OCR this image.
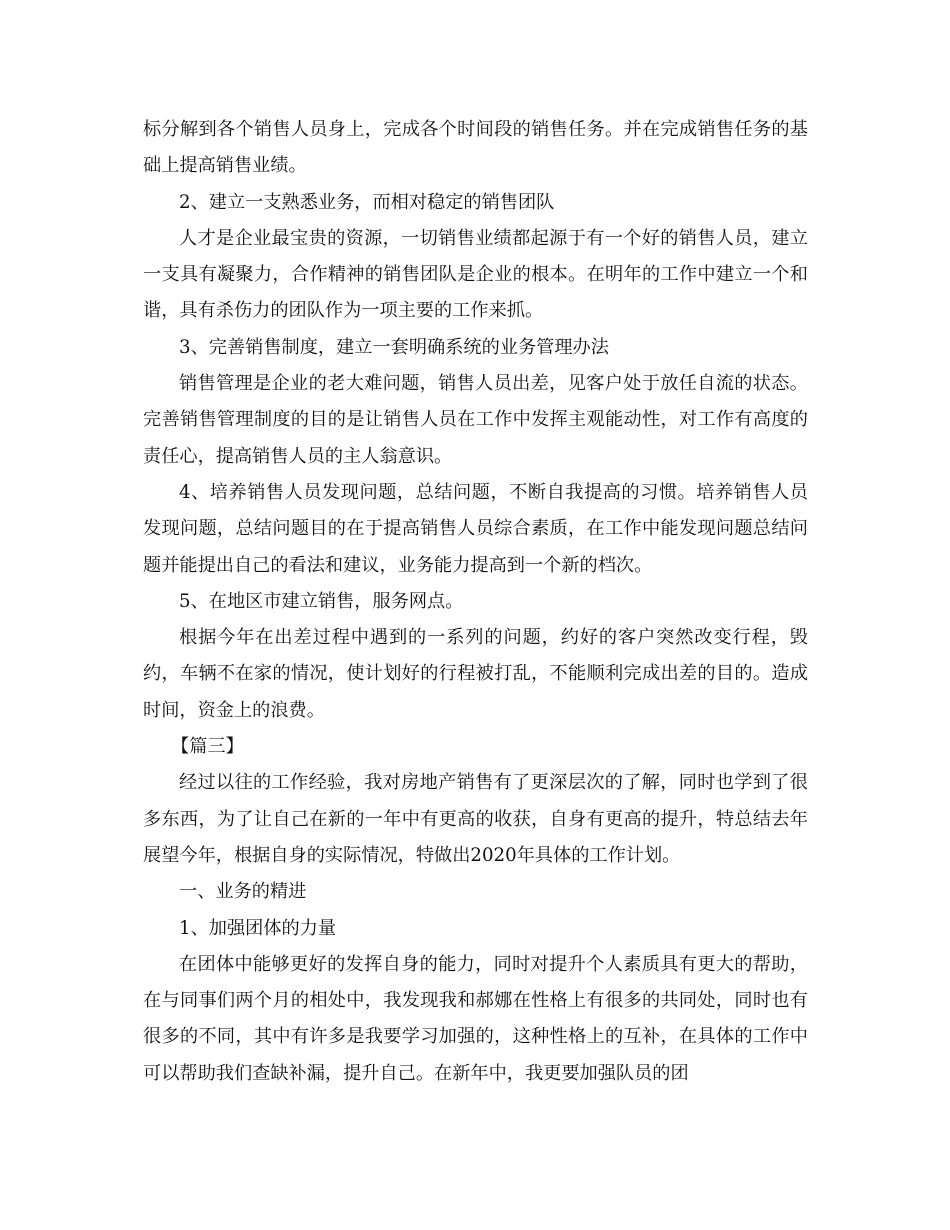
标分解到各个销售人员身上，完成各个时间段的销售任务。并在完成销售任务的基础上提高销售业绩。

2、建立一支熟悉业务，而相对稳定的销售团队

人才是企业最宝贵的资源，一切销售业绩都起源于有一个好的销售人员，建立一支具有凝聚力，合作精神的销售团队是企业的根本。在明年的工作中建立一个和谐，具有杀伤力的团队作为一项主要的工作来抓。

3、完善销售制度，建立一套明确系统的业务管理办法

销售管理是企业的老大难问题，销售人员出差，见客户处于放任自流的状态。完善销售管理制度的目的是让销售人员在工作中发挥主观能动性，对工作有高度的责任心，提高销售人员的主人翁意识。

4、培养销售人员发现问题，总结问题，不断自我提高的习惯。培养销售人员发现问题，总结问题目的在于提高销售人员综合素质，在工作中能发现问题总结问题并能提出自己的看法和建议，业务能力提高到一个新的档次。

5、在地区市建立销售，服务网点。

根据今年在出差过程中遇到的一系列的问题，约好的客户突然改变行程，毁约，车辆不在家的情况，使计划好的行程被打乱，不能顺利完成出差的目的。造成时间，资金上的浪费。

【篇三】

经过以往的工作经验，我对房地产销售有了更深层次的了解，同时也学到了很多东西，为了让自己在新的一年中有更高的收获，自身有更高的提升，特总结去年展望今年，根据自身的实际情况，特做出2020年具体的工作计划。

一、业务的精进

1、加强团体的力量

在团体中能够更好的发挥自身的能力，同时对提升个人素质具有更大的帮助，在与同事们两个月的相处中，我发现我和郝娜在性格上有很多的共同处，同时也有很多的不同，其中有许多是我要学习加强的，这种性格上的互补，在具体的工作中可以帮助我们查缺补漏，提升自己。在新年中，我更要加强队员的团
